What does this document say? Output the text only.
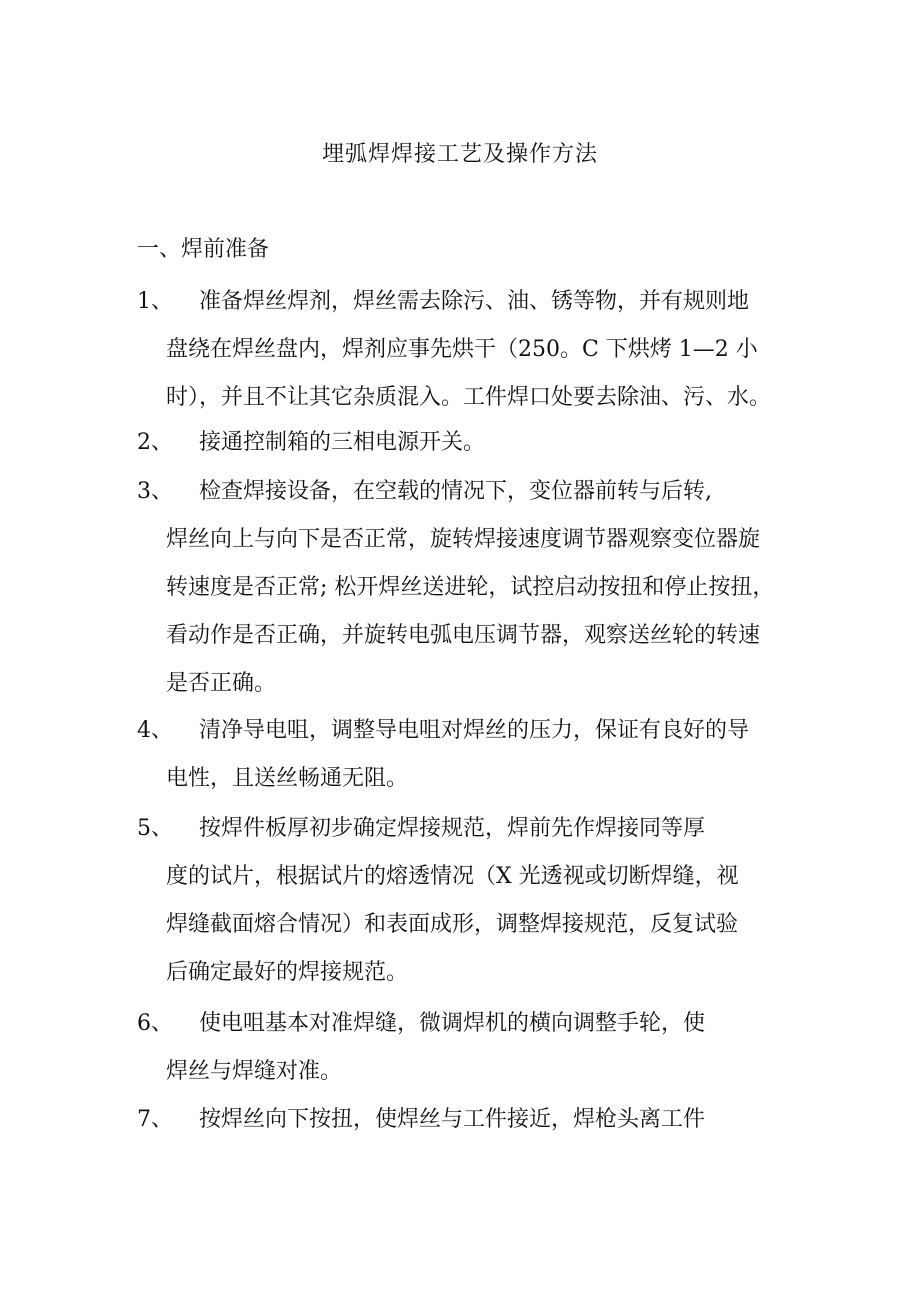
埋弧焊焊接工艺及操作方法
一、焊前准备
1、	准备焊丝焊剂，焊丝需去除污、油、锈等物，并有规则地
盘绕在焊丝盘内，焊剂应事先烘干（250。C 下烘烤 1—2 小
时），并且不让其它杂质混入。工件焊口处要去除油、污、水。
2、	接通控制箱的三相电源开关。
3、	检查焊接设备，在空载的情况下，变位器前转与后转,
焊丝向上与向下是否正常，旋转焊接速度调节器观察变位器旋
转速度是否正常; 松开焊丝送进轮，试控启动按扭和停止按扭，
看动作是否正确，并旋转电弧电压调节器，观察送丝轮的转速
是否正确。
4、	清净导电咀，调整导电咀对焊丝的压力，保证有良好的导
电性，且送丝畅通无阻。
5、	按焊件板厚初步确定焊接规范，焊前先作焊接同等厚
度的试片，根据试片的熔透情况（X 光透视或切断焊缝，视
焊缝截面熔合情况）和表面成形，调整焊接规范，反复试验
后确定最好的焊接规范。
6、	使电咀基本对准焊缝，微调焊机的横向调整手轮，使
焊丝与焊缝对准。
7、	按焊丝向下按扭，使焊丝与工件接近，焊枪头离工件
